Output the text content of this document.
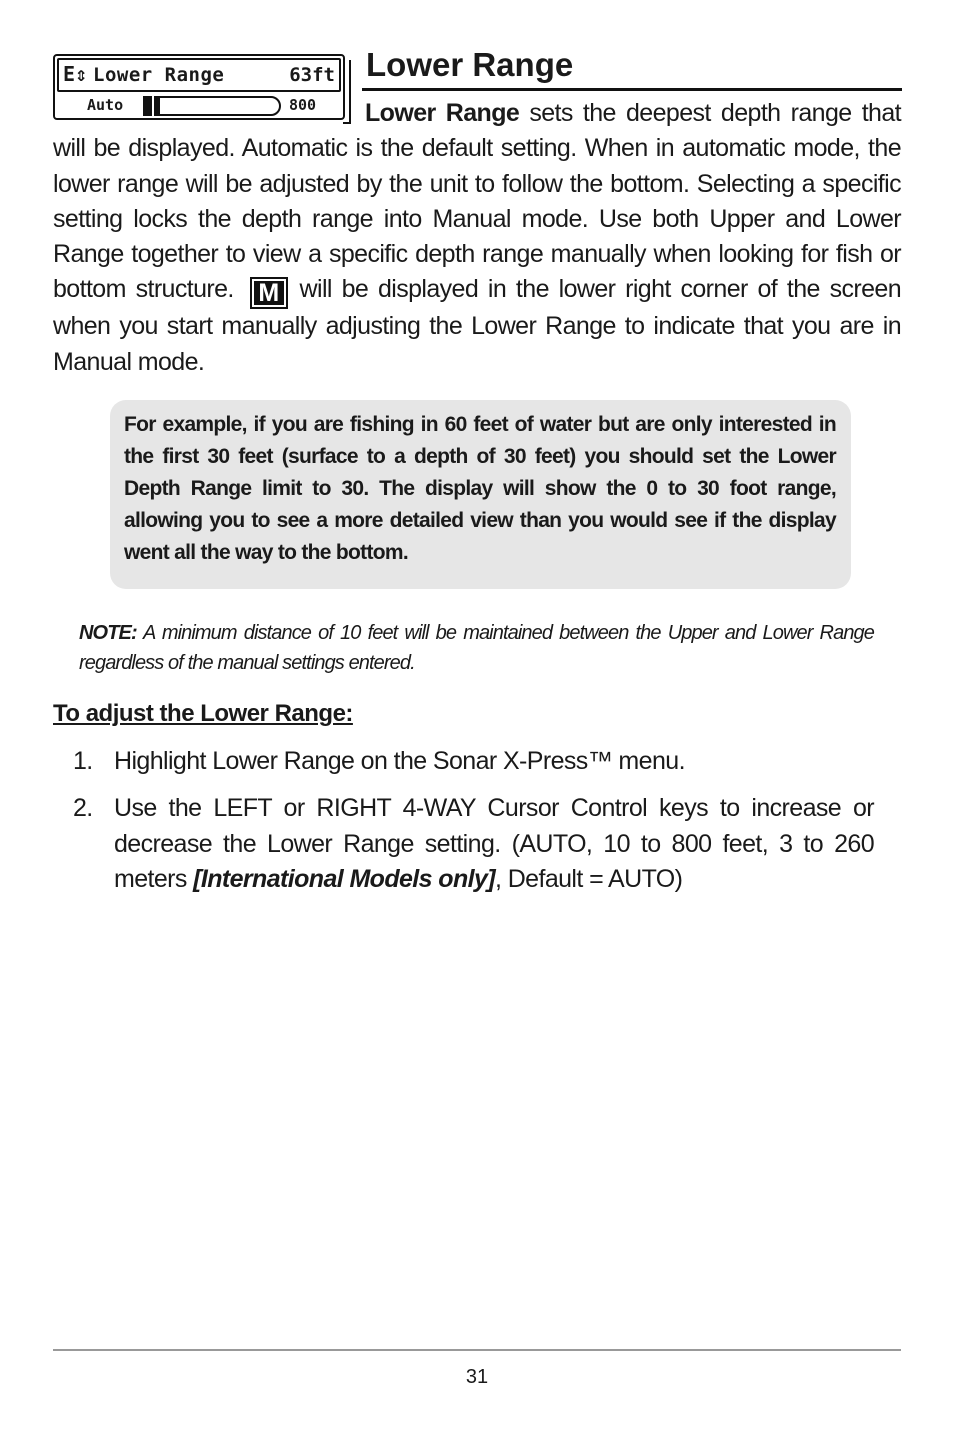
E⇕ Lower Range	63ft
Auto	800
Lower Range

Lower Range sets the deepest depth range that will be displayed. Automatic is the default setting. When in automatic mode, the lower range will be adjusted by the unit to follow the bottom. Selecting a specific setting locks the depth range into Manual mode. Use both Upper and Lower Range together to view a specific depth range manually when looking for fish or bottom structure. M will be displayed in the lower right corner of the screen when you start manually adjusting the Lower Range to indicate that you are in Manual mode.

For example, if you are fishing in 60 feet of water but are only interested in the first 30 feet (surface to a depth of 30 feet) you should set the Lower Depth Range limit to 30. The display will show the 0 to 30 foot range, allowing you to see a more detailed view than you would see if the display went all the way to the bottom.

NOTE: A minimum distance of 10 feet will be maintained between the Upper and Lower Range regardless of the manual settings entered.

To adjust the Lower Range:
1. Highlight Lower Range on the Sonar X-Press™ menu.
2. Use the LEFT or RIGHT 4-WAY Cursor Control keys to increase or decrease the Lower Range setting. (AUTO, 10 to 800 feet, 3 to 260 meters [International Models only], Default = AUTO)
31
